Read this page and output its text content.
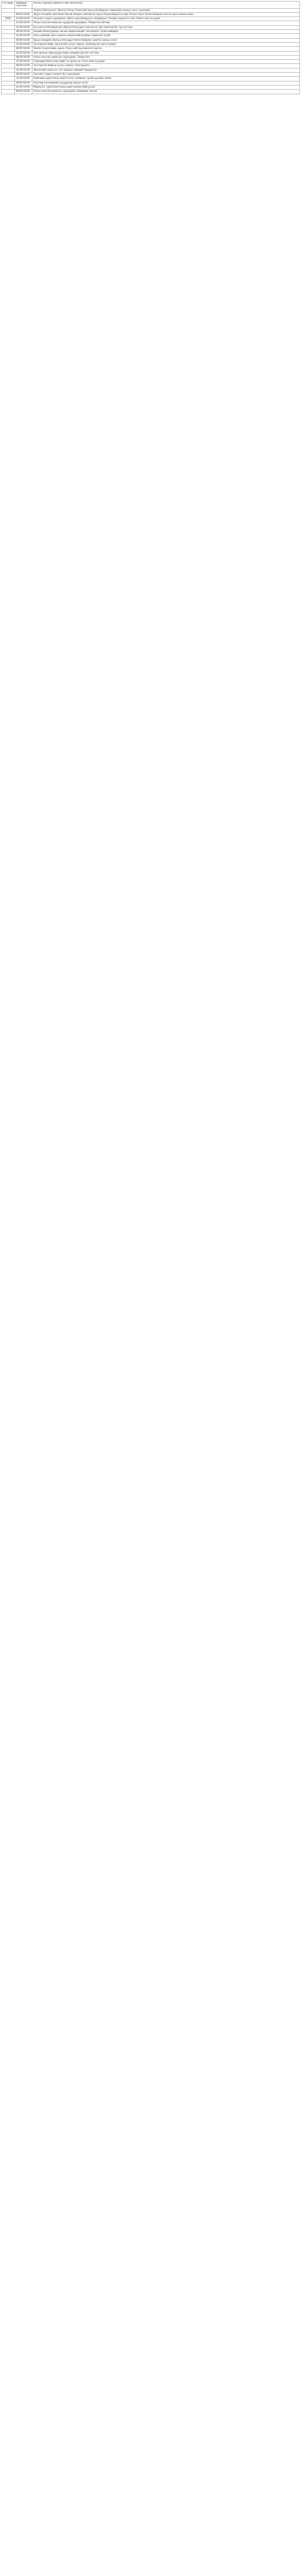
Гэх өдөр	Шийдвэр гаргасан	Ажлын хүрээнд хийгдсэн үйл ажиллагаа
		Зохион байгуулалт, Монгол Улсын Үндэсний аюулгүй байдлын зөвлөлийн ажлын хэсэг хуралдав.
	08:00-16:00	Эрүүл мэндийн яам болон бусад яамдын хамтарсан хурал Коронавирусын цар тахлын эсрэг бэлэн байдлыг хангах арга хэмжээ авах.
2020	12:00-16:00	Засгийн газрын хуралдаан: Шинэ коронавирусын халдварын талаарх мэдээлэл. Хил, боомт хаах асуудал.
	11:00-16:00	Улсын онцгой комиссын шуурхай хуралдаан. Тэмдэглэл хөтлөв.
	12:00-16:00	Бүх шатны боловсролын байгууллагуудын сургалтын үйл ажиллагааг түр зогсоох.
	08:00-16:00	Хилийн боомтуудаар зорчих хөдөлгөөнийг хязгаарлах тухай шийдвэр.
	12:00-16:00	Олон нийтийн арга хэмжээ зохион байгуулахыг хориглох тухай.
	08:00-16:00	Эрүүл мэндийн байгууллагуудын бэлэн байдлыг шалгах ажлын хэсэг.
	12:00-16:00	Тусгаарлах байр, эмнэлгийн хүчин чадлыг нэмэгдүүлэх арга хэмжээ.
	08:00-16:00	Хэвлэл мэдээллийн хурал. Олон нийтэд мэдээлэл хүргэх.
	12:00-16:00	Хил орчмын аймгуудад хорио цээрийн дэглэм тогтоох.
	08:00-16:00	Улсын онцгой комиссын хуралдаан. Тэмдэглэл.
	12:00-16:00	Гадаадад байгаа иргэдийг эх оронд нь татан авах асуудал.
	08:00-16:00	Тусгаарлах байрны хүчин чадлыг нэмэгдүүлэх.
	12:00-16:00	Эмнэлгийн хэрэгсэл, эм тарианы нөөцийг бүрдүүлэх.
	08:00-16:00	Засгийн газрын ээлжит бус хуралдаан.
	12:00-16:00	Нийгмийн даатгалын шимтгэлээс чөлөөлөх тухай хуулийн төсөл.
	08:00-16:00	Хүнсний хангамжийн асуудлаар ажлын хэсэг.
	12:00-16:00	Мэдээлэл, сурталчилгааны ажил зохион байгуулах.
	08:00-16:00	Улсын онцгой комиссын хуралдаан. Шийдвэр гаргав.
